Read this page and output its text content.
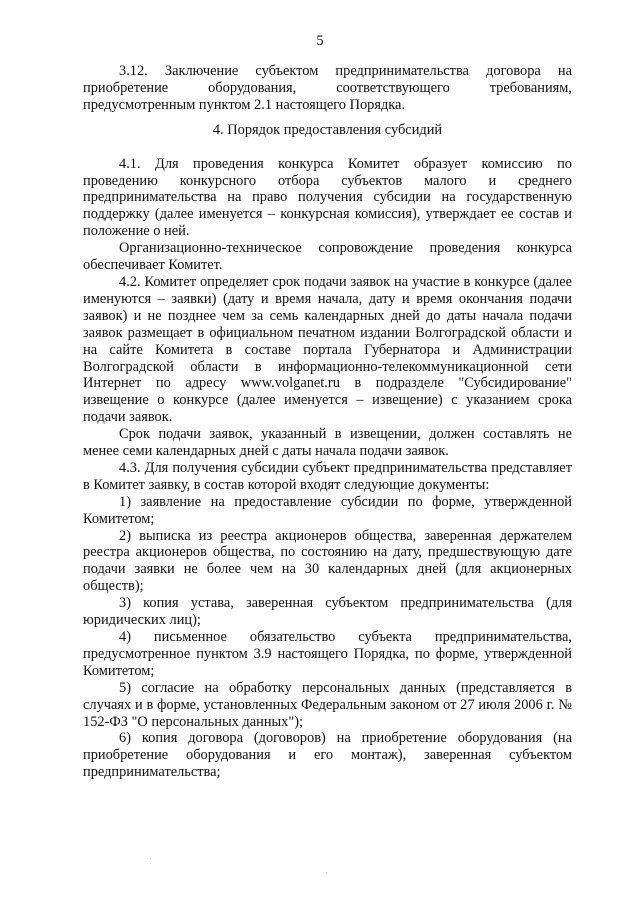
5

3.12. Заключение субъектом предпринимательства договора на приобретение оборудования, соответствующего требованиям, предусмотренным пунктом 2.1 настоящего Порядка.

4. Порядок предоставления субсидий

4.1. Для проведения конкурса Комитет образует комиссию по проведению конкурсного отбора субъектов малого и среднего предпринимательства на право получения субсидии на государственную поддержку (далее именуется – конкурсная комиссия), утверждает ее состав и положение о ней.

Организационно-техническое сопровождение проведения конкурса обеспечивает Комитет.

4.2. Комитет определяет срок подачи заявок на участие в конкурсе (далее именуются – заявки) (дату и время начала, дату и время окончания подачи заявок) и не позднее чем за семь календарных дней до даты начала подачи заявок размещает в официальном печатном издании Волгоградской области и на сайте Комитета в составе портала Губернатора и Администрации Волгоградской области в информационно-телекоммуникационной сети Интернет по адресу www.volganet.ru в подразделе "Субсидирование" извещение о конкурсе (далее именуется – извещение) с указанием срока подачи заявок.

Срок подачи заявок, указанный в извещении, должен составлять не менее семи календарных дней с даты начала подачи заявок.

4.3. Для получения субсидии субъект предпринимательства представляет в Комитет заявку, в состав которой входят следующие документы:

1) заявление на предоставление субсидии по форме, утвержденной Комитетом;

2) выписка из реестра акционеров общества, заверенная держателем реестра акционеров общества, по состоянию на дату, предшествующую дате подачи заявки не более чем на 30 календарных дней (для акционерных обществ);

3) копия устава, заверенная субъектом предпринимательства (для юридических лиц);

4) письменное обязательство субъекта предпринимательства, предусмотренное пунктом 3.9 настоящего Порядка, по форме, утвержденной Комитетом;

5) согласие на обработку персональных данных (представляется в случаях и в форме, установленных Федеральным законом от 27 июля 2006 г. № 152-ФЗ "О персональных данных");

6) копия договора (договоров) на приобретение оборудования (на приобретение оборудования и его монтаж), заверенная субъектом предпринимательства;
